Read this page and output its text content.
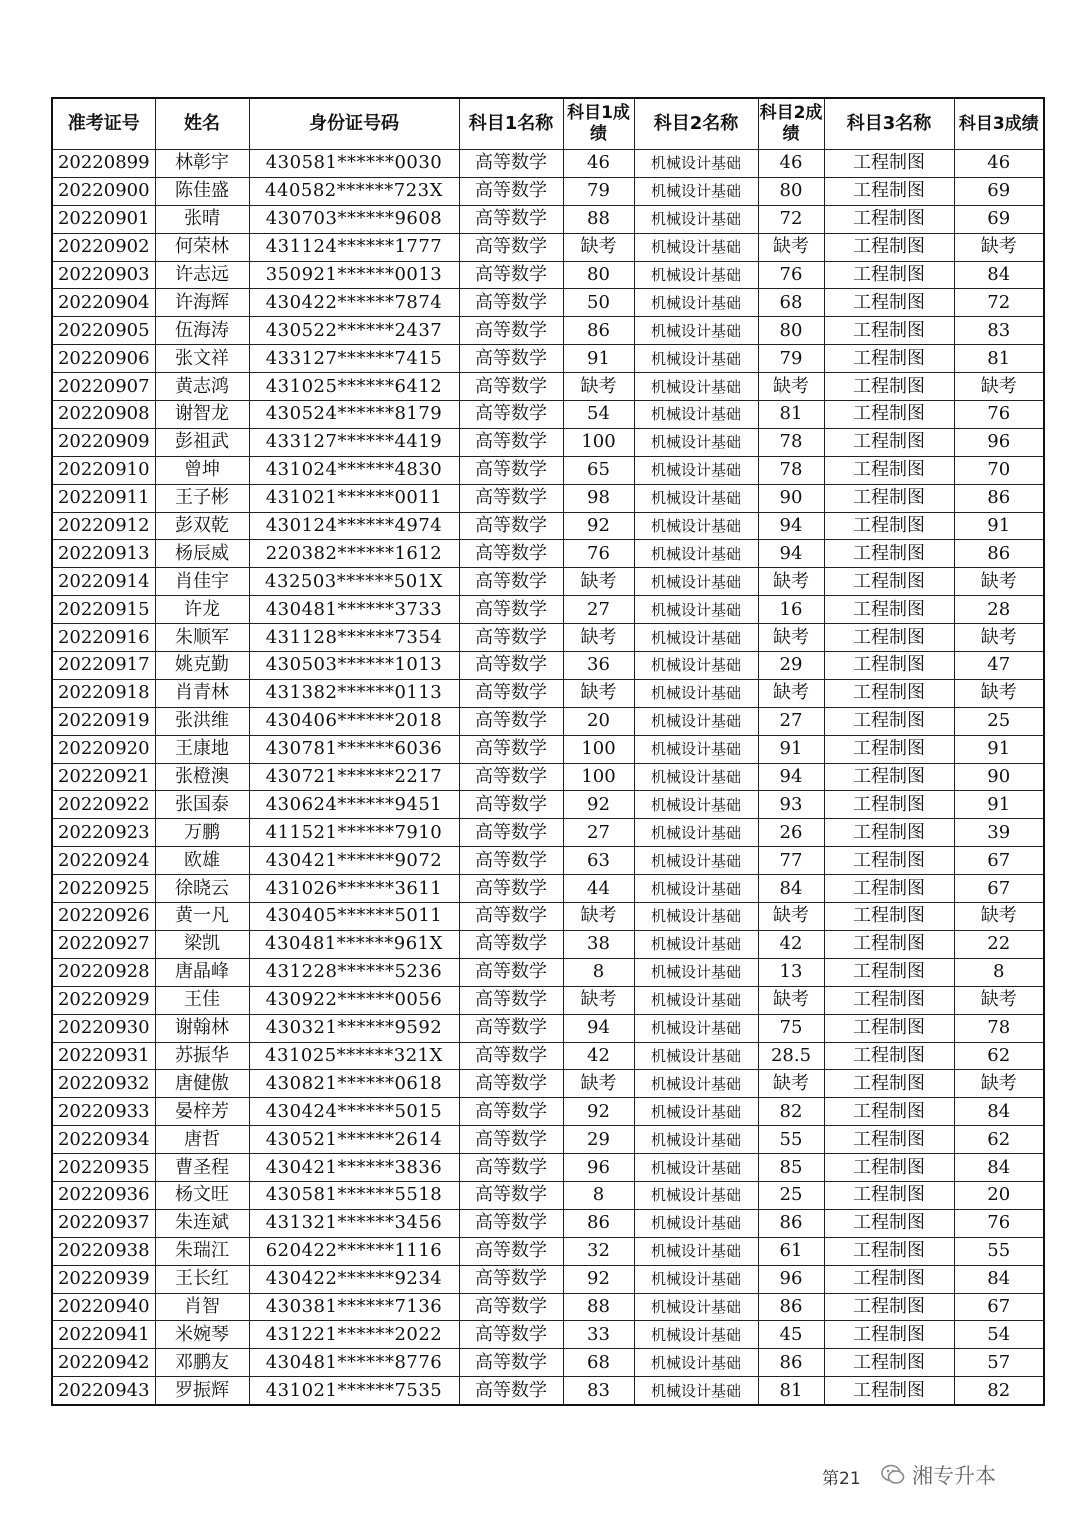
准考证号	姓名	身份证号码	科目1名称	科目1成绩	科目2名称	科目2成绩	科目3名称	科目3成绩
20220899	林彰宇	430581******0030	高等数学	46	机械设计基础	46	工程制图	46
20220900	陈佳盛	440582******723X	高等数学	79	机械设计基础	80	工程制图	69
20220901	张晴	430703******9608	高等数学	88	机械设计基础	72	工程制图	69
20220902	何荣林	431124******1777	高等数学	缺考	机械设计基础	缺考	工程制图	缺考
20220903	许志远	350921******0013	高等数学	80	机械设计基础	76	工程制图	84
20220904	许海辉	430422******7874	高等数学	50	机械设计基础	68	工程制图	72
20220905	伍海涛	430522******2437	高等数学	86	机械设计基础	80	工程制图	83
20220906	张文祥	433127******7415	高等数学	91	机械设计基础	79	工程制图	81
20220907	黄志鸿	431025******6412	高等数学	缺考	机械设计基础	缺考	工程制图	缺考
20220908	谢智龙	430524******8179	高等数学	54	机械设计基础	81	工程制图	76
20220909	彭祖武	433127******4419	高等数学	100	机械设计基础	78	工程制图	96
20220910	曾坤	431024******4830	高等数学	65	机械设计基础	78	工程制图	70
20220911	王子彬	431021******0011	高等数学	98	机械设计基础	90	工程制图	86
20220912	彭双乾	430124******4974	高等数学	92	机械设计基础	94	工程制图	91
20220913	杨辰威	220382******1612	高等数学	76	机械设计基础	94	工程制图	86
20220914	肖佳宇	432503******501X	高等数学	缺考	机械设计基础	缺考	工程制图	缺考
20220915	许龙	430481******3733	高等数学	27	机械设计基础	16	工程制图	28
20220916	朱顺军	431128******7354	高等数学	缺考	机械设计基础	缺考	工程制图	缺考
20220917	姚克勤	430503******1013	高等数学	36	机械设计基础	29	工程制图	47
20220918	肖青林	431382******0113	高等数学	缺考	机械设计基础	缺考	工程制图	缺考
20220919	张洪维	430406******2018	高等数学	20	机械设计基础	27	工程制图	25
20220920	王康地	430781******6036	高等数学	100	机械设计基础	91	工程制图	91
20220921	张橙澳	430721******2217	高等数学	100	机械设计基础	94	工程制图	90
20220922	张国泰	430624******9451	高等数学	92	机械设计基础	93	工程制图	91
20220923	万鹏	411521******7910	高等数学	27	机械设计基础	26	工程制图	39
20220924	欧雄	430421******9072	高等数学	63	机械设计基础	77	工程制图	67
20220925	徐晓云	431026******3611	高等数学	44	机械设计基础	84	工程制图	67
20220926	黄一凡	430405******5011	高等数学	缺考	机械设计基础	缺考	工程制图	缺考
20220927	梁凯	430481******961X	高等数学	38	机械设计基础	42	工程制图	22
20220928	唐晶峰	431228******5236	高等数学	8	机械设计基础	13	工程制图	8
20220929	王佳	430922******0056	高等数学	缺考	机械设计基础	缺考	工程制图	缺考
20220930	谢翰林	430321******9592	高等数学	94	机械设计基础	75	工程制图	78
20220931	苏振华	431025******321X	高等数学	42	机械设计基础	28.5	工程制图	62
20220932	唐健傲	430821******0618	高等数学	缺考	机械设计基础	缺考	工程制图	缺考
20220933	晏梓芳	430424******5015	高等数学	92	机械设计基础	82	工程制图	84
20220934	唐哲	430521******2614	高等数学	29	机械设计基础	55	工程制图	62
20220935	曹圣程	430421******3836	高等数学	96	机械设计基础	85	工程制图	84
20220936	杨文旺	430581******5518	高等数学	8	机械设计基础	25	工程制图	20
20220937	朱连斌	431321******3456	高等数学	86	机械设计基础	86	工程制图	76
20220938	朱瑞江	620422******1116	高等数学	32	机械设计基础	61	工程制图	55
20220939	王长红	430422******9234	高等数学	92	机械设计基础	96	工程制图	84
20220940	肖智	430381******7136	高等数学	88	机械设计基础	86	工程制图	67
20220941	米婉琴	431221******2022	高等数学	33	机械设计基础	45	工程制图	54
20220942	邓鹏友	430481******8776	高等数学	68	机械设计基础	86	工程制图	57
20220943	罗振辉	431021******7535	高等数学	83	机械设计基础	81	工程制图	82
第21 湘专升本
